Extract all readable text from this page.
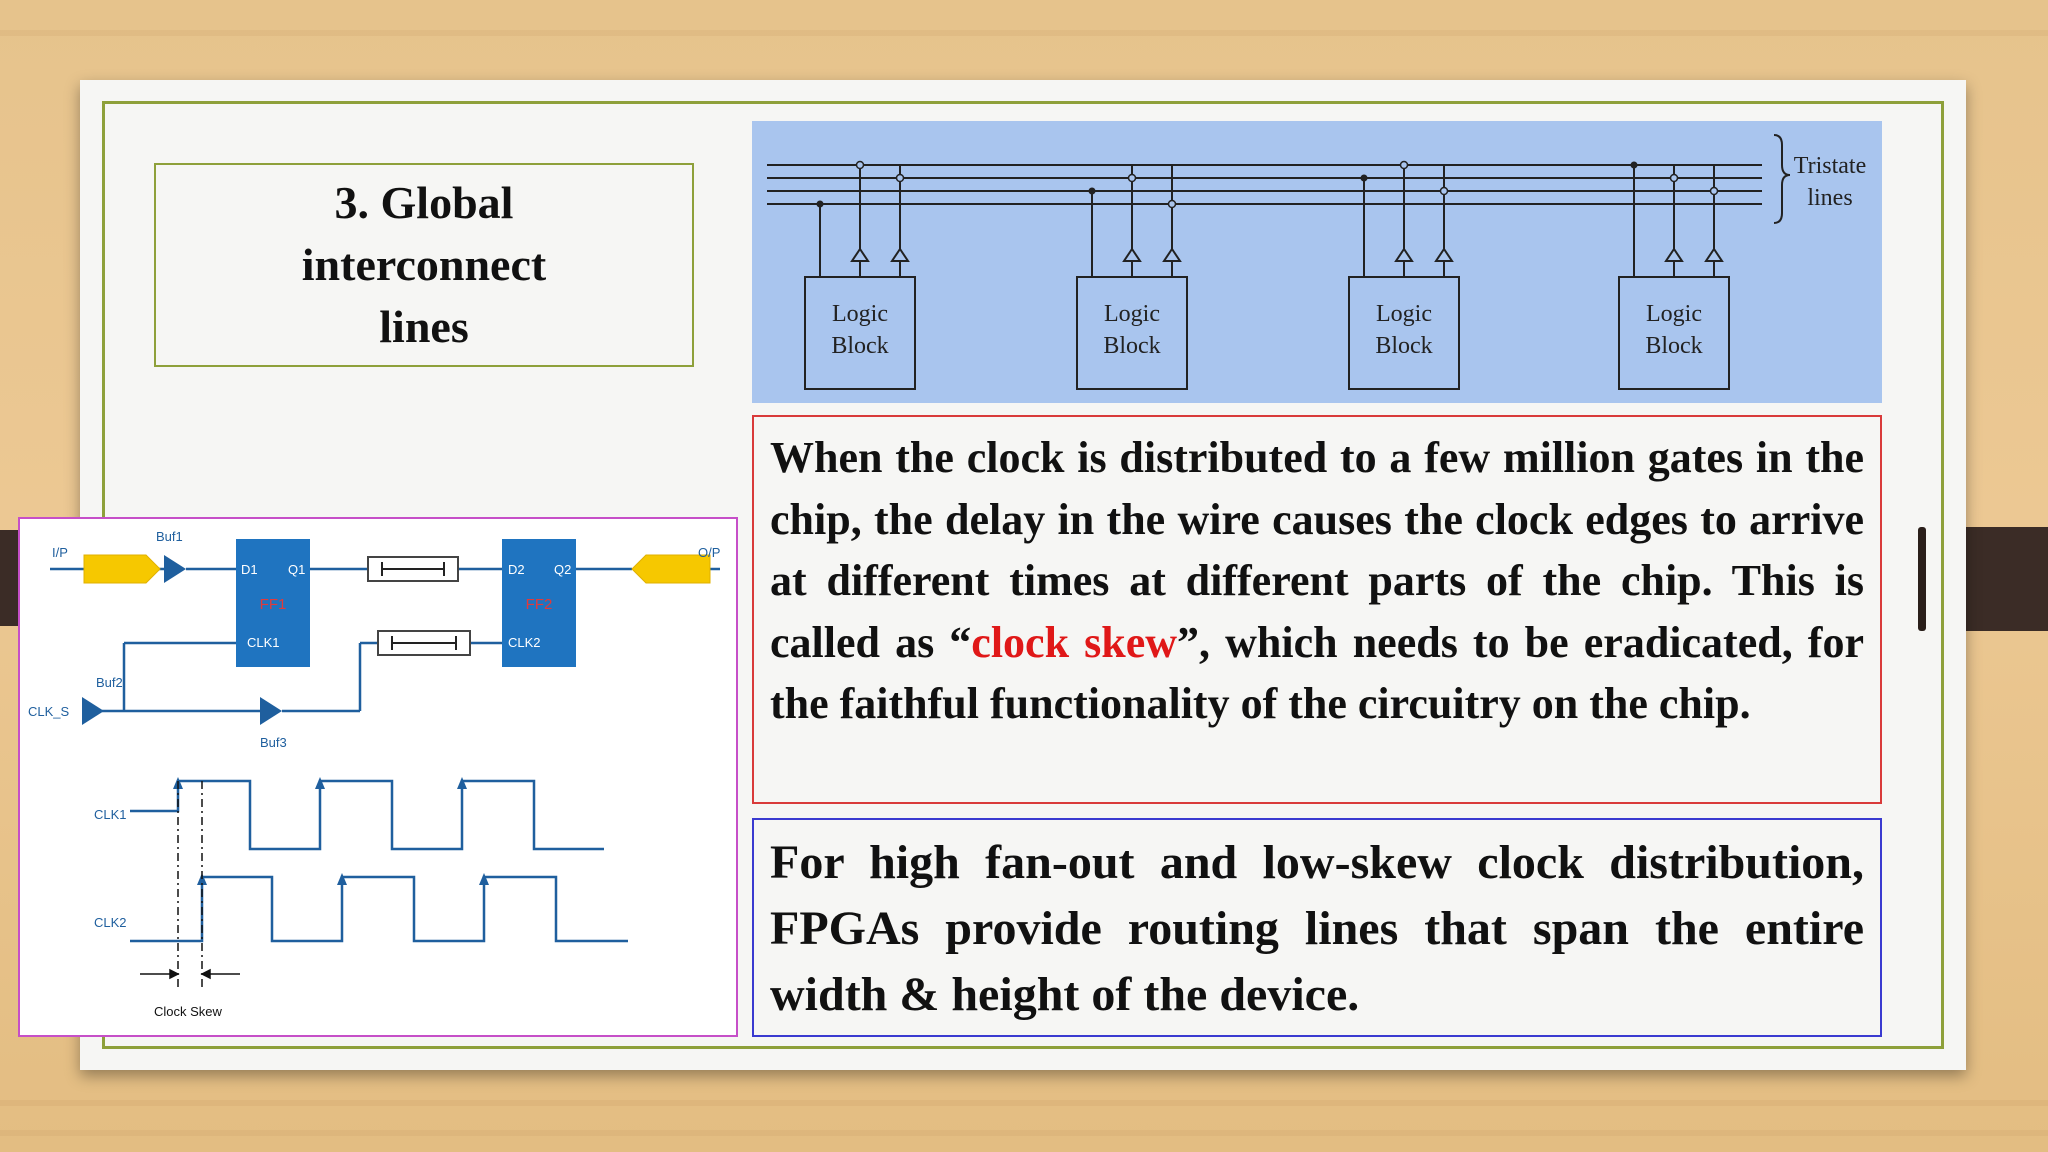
3. Global
interconnect
lines	Logic
Block
Logic
Block
Logic
Block
Logic
Block
Tristate
lines
D1 Q1
FF1
CLK1
D2 Q2
FF2
CLK2
I/P	O/P
Buf1
Buf2
Buf3
CLK_S
CLK1
CLK2
Clock Skew
When the clock is distributed to a few million gates in the chip, the delay in the wire causes the clock edges to arrive at different times at different parts of the chip. This is called as “clock skew”, which needs to be eradicated, for the faithful functionality of the circuitry on the chip.
For high fan-out and low-skew clock distribution, FPGAs provide routing lines that span the entire width & height of the device.
